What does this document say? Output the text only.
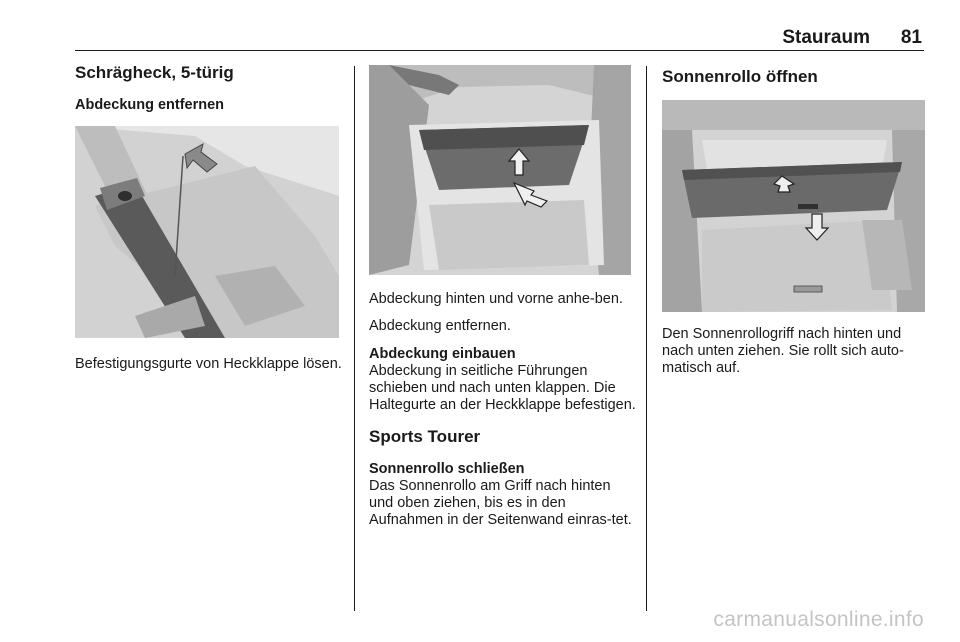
Stauraum 81
Schrägheck, 5-türig
Abdeckung entfernen

Befestigungsgurte von Heckklappe lösen.

Abdeckung hinten und vorne anhe-ben.

Abdeckung entfernen.

Abdeckung einbauen

Abdeckung in seitliche Führungen schieben und nach unten klappen. Die Haltegurte an der Heckklappe befestigen.

Sports Tourer
Sonnenrollo schließen

Das Sonnenrollo am Griff nach hinten und oben ziehen, bis es in den Aufnahmen in der Seitenwand einras-tet.

Sonnenrollo öffnen

Den Sonnenrollogriff nach hinten und nach unten ziehen. Sie rollt sich auto-matisch auf.

carmanualsonline.info
